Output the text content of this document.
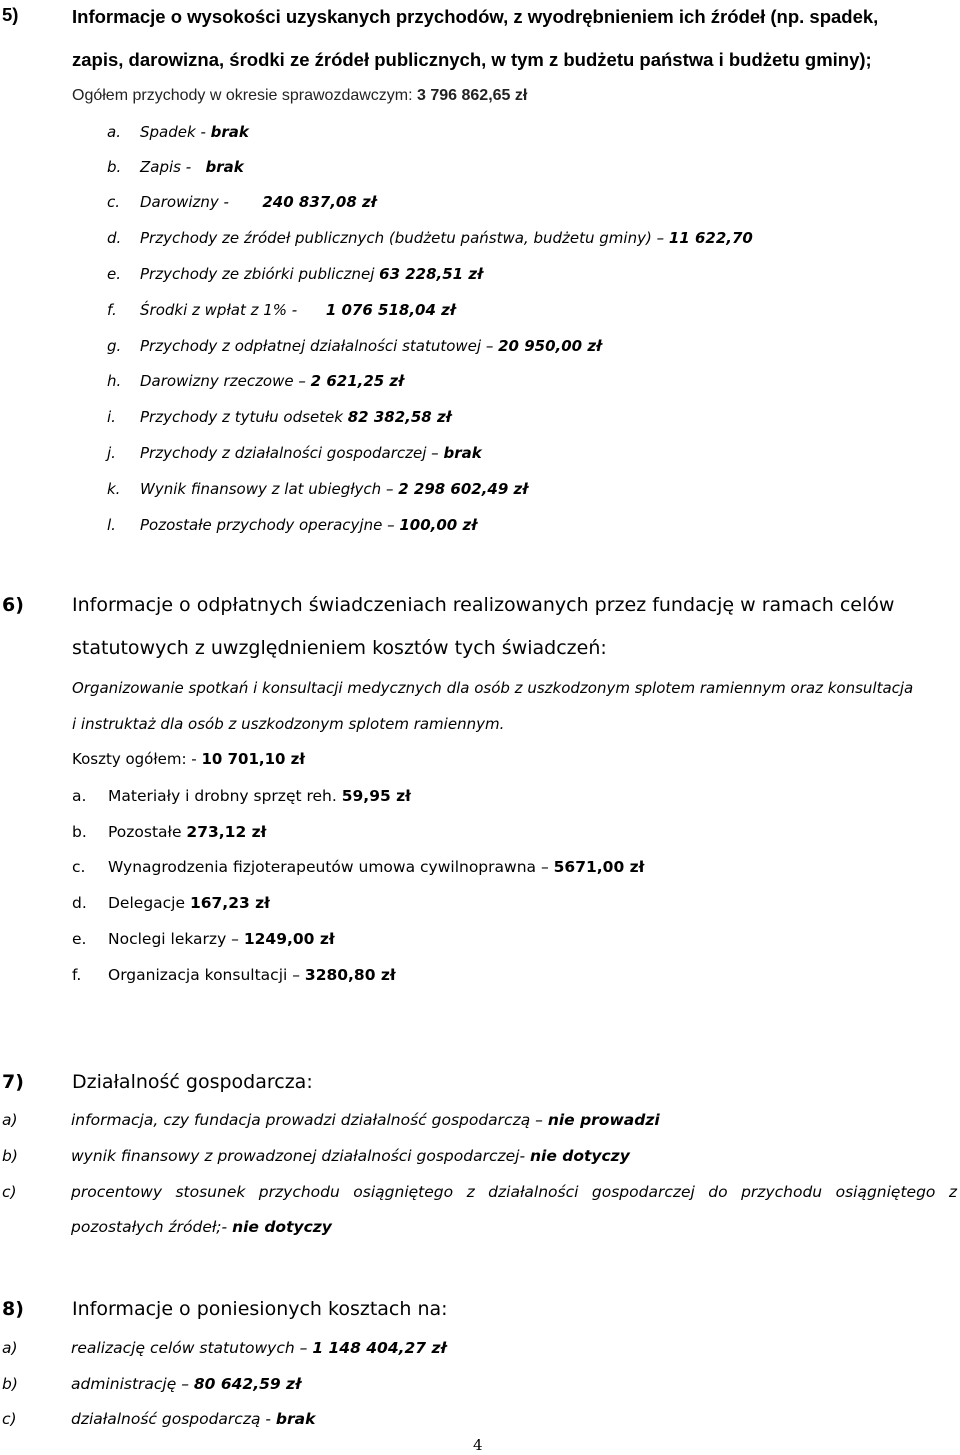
5)	Informacje o wysokości uzyskanych przychodów, z wyodrębnieniem ich źródeł (np. spadek,
zapis, darowizna, środki ze źródeł publicznych, w tym z budżetu państwa i budżetu gminy);
Ogółem przychody w okresie sprawozdawczym: 3 796 862,65 zł
a. Spadek - brak
b. Zapis -   brak
c. Darowizny -       240 837,08 zł
d. Przychody ze źródeł publicznych (budżetu państwa, budżetu gminy) – 11 622,70
e. Przychody ze zbiórki publicznej 63 228,51 zł
f. Środki z wpłat z 1% -      1 076 518,04 zł
g. Przychody z odpłatnej działalności statutowej – 20 950,00 zł
h. Darowizny rzeczowe – 2 621,25 zł
i. Przychody z tytułu odsetek 82 382,58 zł
j. Przychody z działalności gospodarczej – brak
k. Wynik finansowy z lat ubiegłych – 2 298 602,49 zł
l. Pozostałe przychody operacyjne – 100,00 zł
6)	Informacje o odpłatnych świadczeniach realizowanych przez fundację w ramach celów
statutowych z uwzględnieniem kosztów tych świadczeń:
Organizowanie spotkań i konsultacji medycznych dla osób z uszkodzonym splotem ramiennym oraz konsultacja
i instruktaż dla osób z uszkodzonym splotem ramiennym.
Koszty ogółem: - 10 701,10 zł
a. Materiały i drobny sprzęt reh. 59,95 zł
b. Pozostałe 273,12 zł
c. Wynagrodzenia fizjoterapeutów umowa cywilnoprawna – 5671,00 zł
d. Delegacje 167,23 zł
e. Noclegi lekarzy – 1249,00 zł
f. Organizacja konsultacji – 3280,80 zł
7)	Działalność gospodarcza:
a)	informacja, czy fundacja prowadzi działalność gospodarczą – nie prowadzi
b)	wynik finansowy z prowadzonej działalności gospodarczej- nie dotyczy
c)	procentowy stosunek przychodu osiągniętego z działalności gospodarczej do przychodu osiągniętego z
pozostałych źródeł;- nie dotyczy
8)	Informacje o poniesionych kosztach na:
a)	realizację celów statutowych – 1 148 404,27 zł
b)	administrację – 80 642,59 zł
c)	działalność gospodarczą - brak
4
